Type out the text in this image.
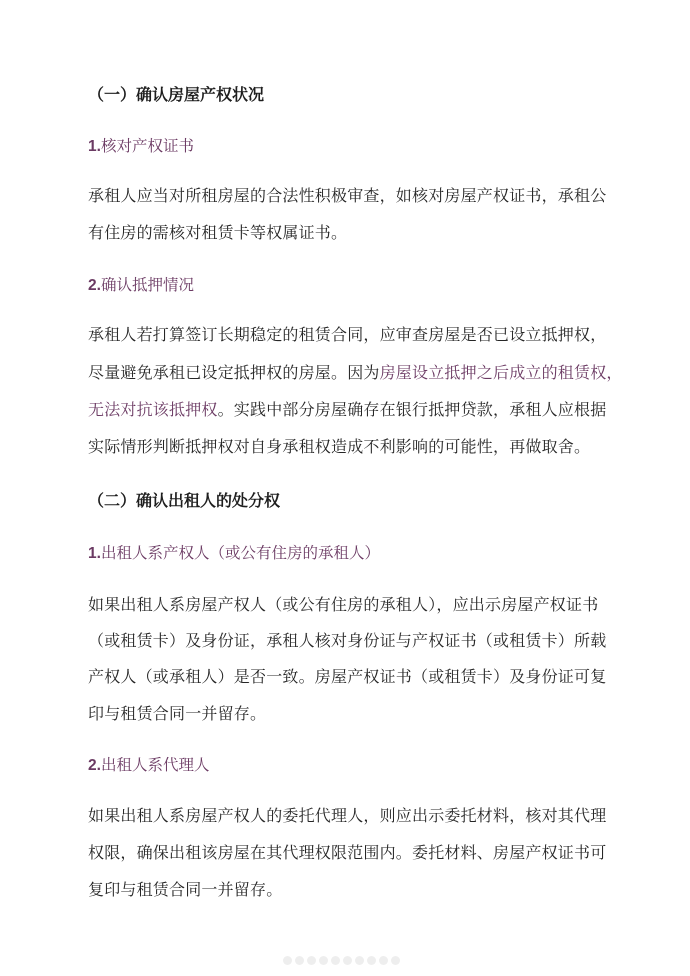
（一）确认房屋产权状况
1.核对产权证书
承租人应当对所租房屋的合法性积极审查，如核对房屋产权证书，承租公
有住房的需核对租赁卡等权属证书。
2.确认抵押情况
承租人若打算签订长期稳定的租赁合同，应审查房屋是否已设立抵押权，
尽量避免承租已设定抵押权的房屋。因为房屋设立抵押之后成立的租赁权，
无法对抗该抵押权。实践中部分房屋确存在银行抵押贷款，承租人应根据
实际情形判断抵押权对自身承租权造成不利影响的可能性，再做取舍。
（二）确认出租人的处分权
1.出租人系产权人（或公有住房的承租人）
如果出租人系房屋产权人（或公有住房的承租人），应出示房屋产权证书
（或租赁卡）及身份证，承租人核对身份证与产权证书（或租赁卡）所载
产权人（或承租人）是否一致。房屋产权证书（或租赁卡）及身份证可复
印与租赁合同一并留存。
2.出租人系代理人
如果出租人系房屋产权人的委托代理人，则应出示委托材料，核对其代理
权限，确保出租该房屋在其代理权限范围内。委托材料、房屋产权证书可
复印与租赁合同一并留存。
